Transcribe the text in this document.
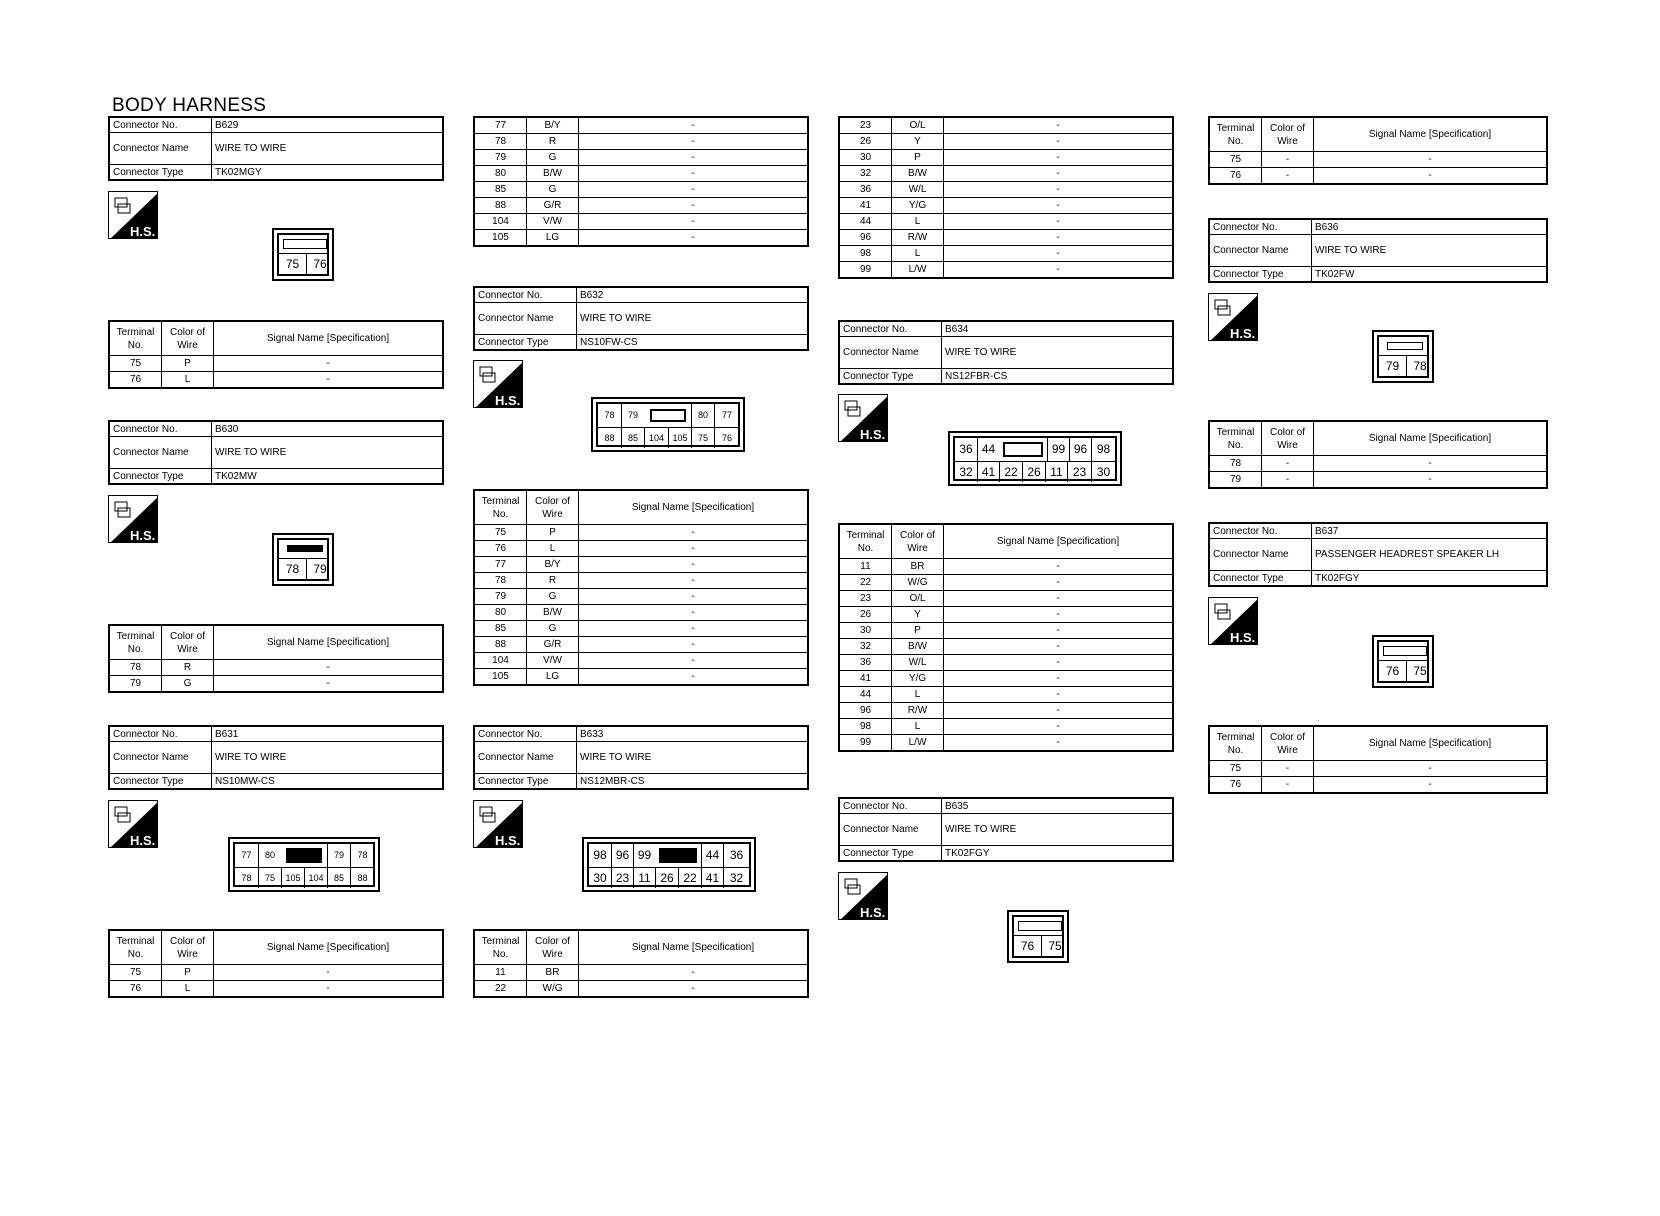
BODY HARNESS
Connector No.	B629
Connector Name	WIRE TO WIRE
Connector Type	TK02MGY
H.S.
75	76
Terminal No.	Color of Wire	Signal Name [Specification]
75	P	-
76	L	-
Connector No.	B630
Connector Name	WIRE TO WIRE
Connector Type	TK02MW
H.S.
78	79
Terminal No.	Color of Wire	Signal Name [Specification]
78	R	-
79	G	-
Connector No.	B631
Connector Name	WIRE TO WIRE
Connector Type	NS10MW-CS
H.S.
77	80	79	78
78	75	105 104	85	88
Terminal No.	Color of Wire	Signal Name [Specification]
75	P	-
76	L	-
77	B/Y	-
78	R	-
79	G	-
80	B/W	-
85	G	-
88	G/R	-
104	V/W	-
105	LG	-
Connector No.	B632
Connector Name	WIRE TO WIRE
Connector Type	NS10FW-CS
H.S.
78	79	80	77
88	85	104 105	75	76
Terminal No.	Color of Wire	Signal Name [Specification]
75	P	-
76	L	-
77	B/Y	-
78	R	-
79	G	-
80	B/W	-
85	G	-
88	G/R	-
104	V/W	-
105	LG	-
Connector No.	B633
Connector Name	WIRE TO WIRE
Connector Type	NS12MBR-CS
H.S.
98 96 99	44 36
30 23 11 26 22 41 32
Terminal No.	Color of Wire	Signal Name [Specification]
11	BR	-
22	W/G	-
23	O/L	-
26	Y	-
30	P	-
32	B/W	-
36	W/L	-
41	Y/G	-
44	L	-
96	R/W	-
98	L	-
99	L/W	-
Connector No.	B634
Connector Name	WIRE TO WIRE
Connector Type	NS12FBR-CS
H.S.
36 44	99 96 98
32 41 22 26 11 23 30
Terminal No.	Color of Wire	Signal Name [Specification]
11	BR	-
22	W/G	-
23	O/L	-
26	Y	-
30	P	-
32	B/W	-
36	W/L	-
41	Y/G	-
44	L	-
96	R/W	-
98	L	-
99	L/W	-
Connector No.	B635
Connector Name	WIRE TO WIRE
Connector Type	TK02FGY
H.S.
76	75
Terminal No.	Color of Wire	Signal Name [Specification]
75	-	-
76	-	-
Connector No.	B636
Connector Name	WIRE TO WIRE
Connector Type	TK02FW
H.S.
79	78
Terminal No.	Color of Wire	Signal Name [Specification]
78	-	-
79	-	-
Connector No.	B637
Connector Name	PASSENGER HEADREST SPEAKER LH
Connector Type	TK02FGY
H.S.
76	75
Terminal No.	Color of Wire	Signal Name [Specification]
75	-	-
76	-	-
